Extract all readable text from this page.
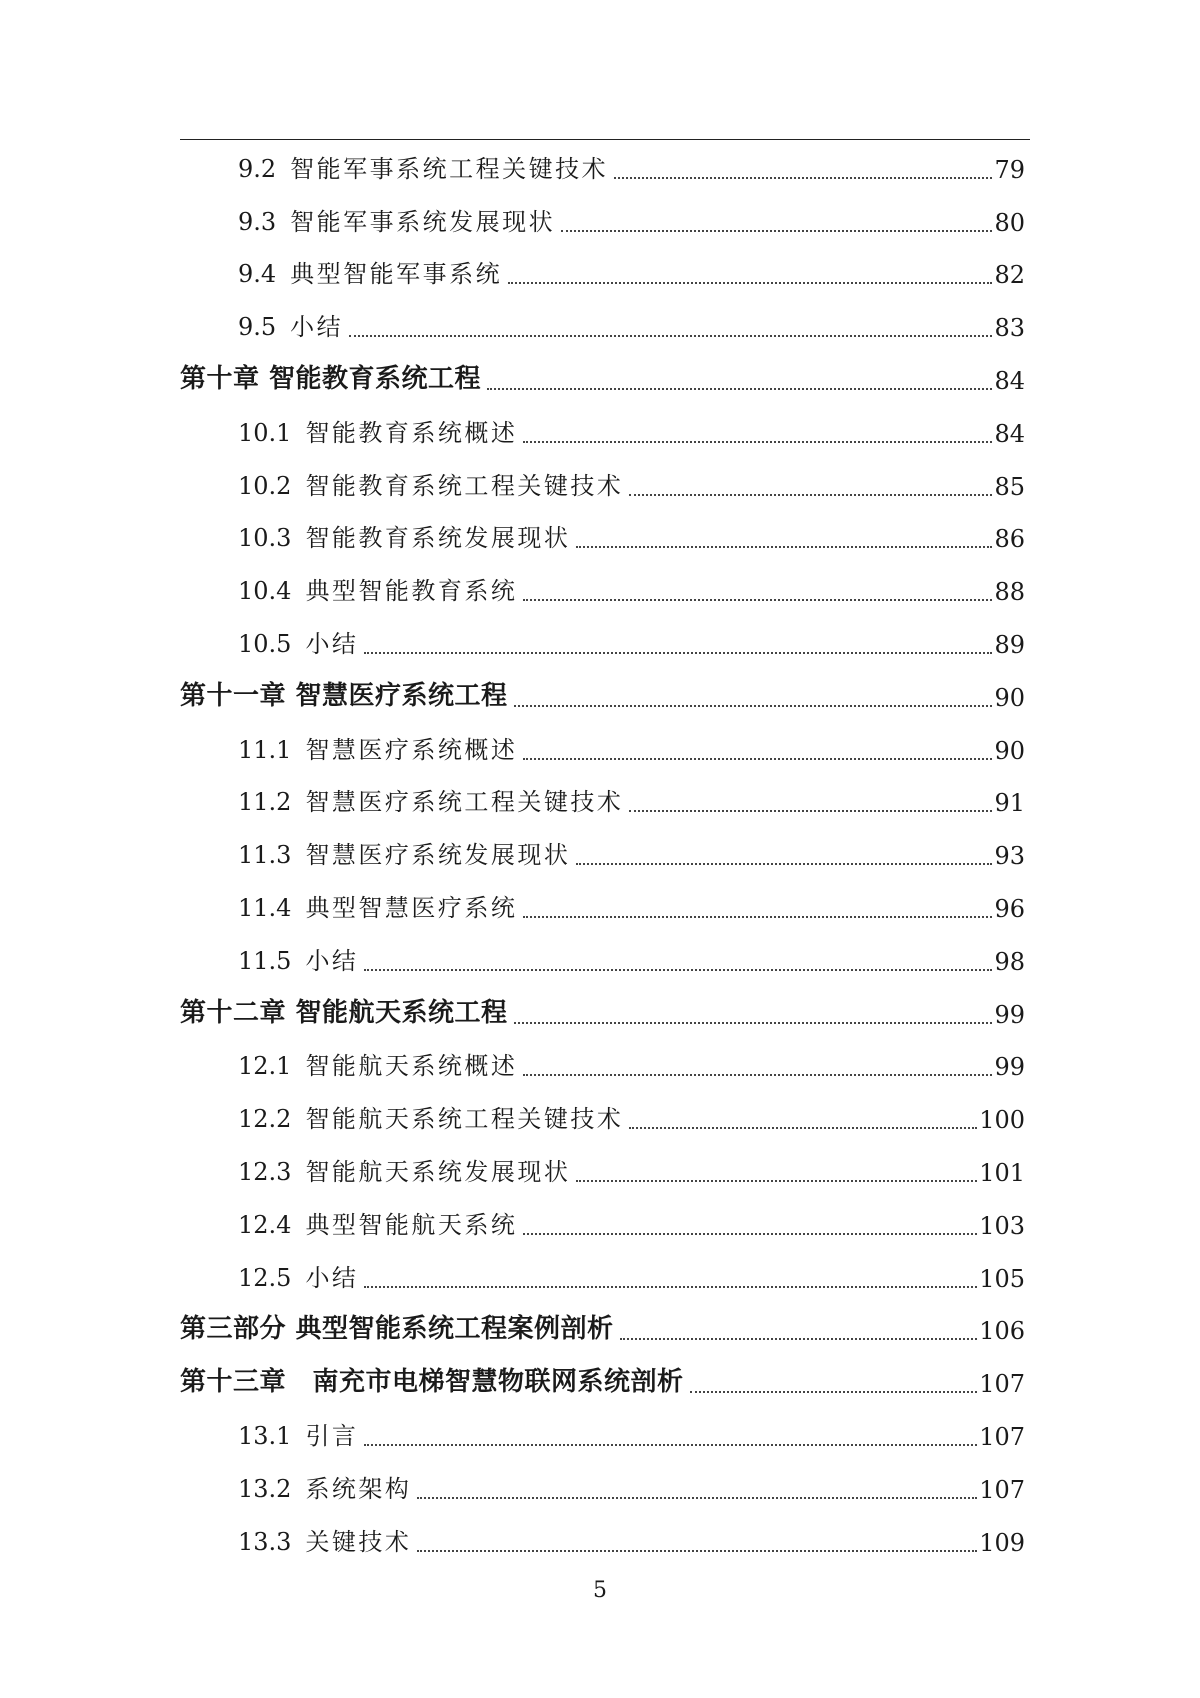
9.2 智能军事系统工程关键技术	79
9.3 智能军事系统发展现状	80
9.4 典型智能军事系统	82
9.5 小结	83
第十章 智能教育系统工程	84
10.1 智能教育系统概述	84
10.2 智能教育系统工程关键技术	85
10.3 智能教育系统发展现状	86
10.4 典型智能教育系统	88
10.5 小结	89
第十一章 智慧医疗系统工程	90
11.1 智慧医疗系统概述	90
11.2 智慧医疗系统工程关键技术	91
11.3 智慧医疗系统发展现状	93
11.4 典型智慧医疗系统	96
11.5 小结	98
第十二章 智能航天系统工程	99
12.1 智能航天系统概述	99
12.2 智能航天系统工程关键技术	100
12.3 智能航天系统发展现状	101
12.4 典型智能航天系统	103
12.5 小结	105
第三部分 典型智能系统工程案例剖析	106
第十三章　南充市电梯智慧物联网系统剖析	107
13.1 引言	107
13.2 系统架构	107
13.3 关键技术	109
5
